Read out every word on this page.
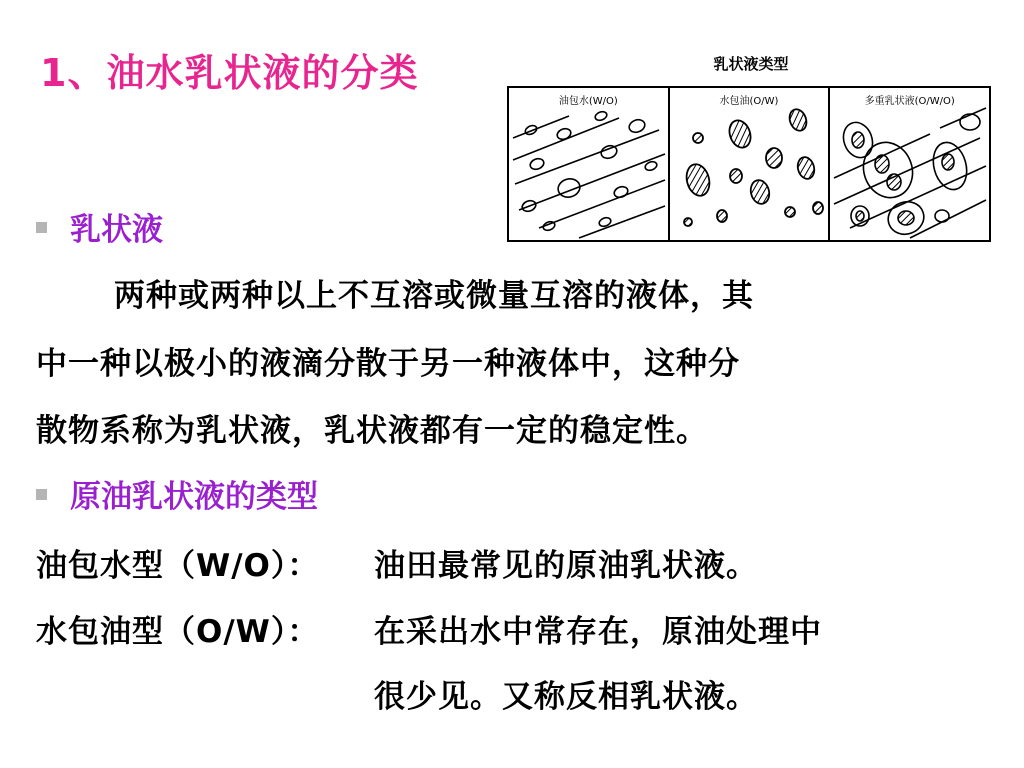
1、油水乳状液的分类	乳状液类型
油包水(W/O)	水包油(O/W)	多重乳状液(O/W/O)
乳状液
两种或两种以上不互溶或微量互溶的液体，其
中一种以极小的液滴分散于另一种液体中，这种分
散物系称为乳状液，乳状液都有一定的稳定性。
原油乳状液的类型
油包水型（W/O）： 油田最常见的原油乳状液。
水包油型（O/W）： 在采出水中常存在，原油处理中
很少见。又称反相乳状液。
